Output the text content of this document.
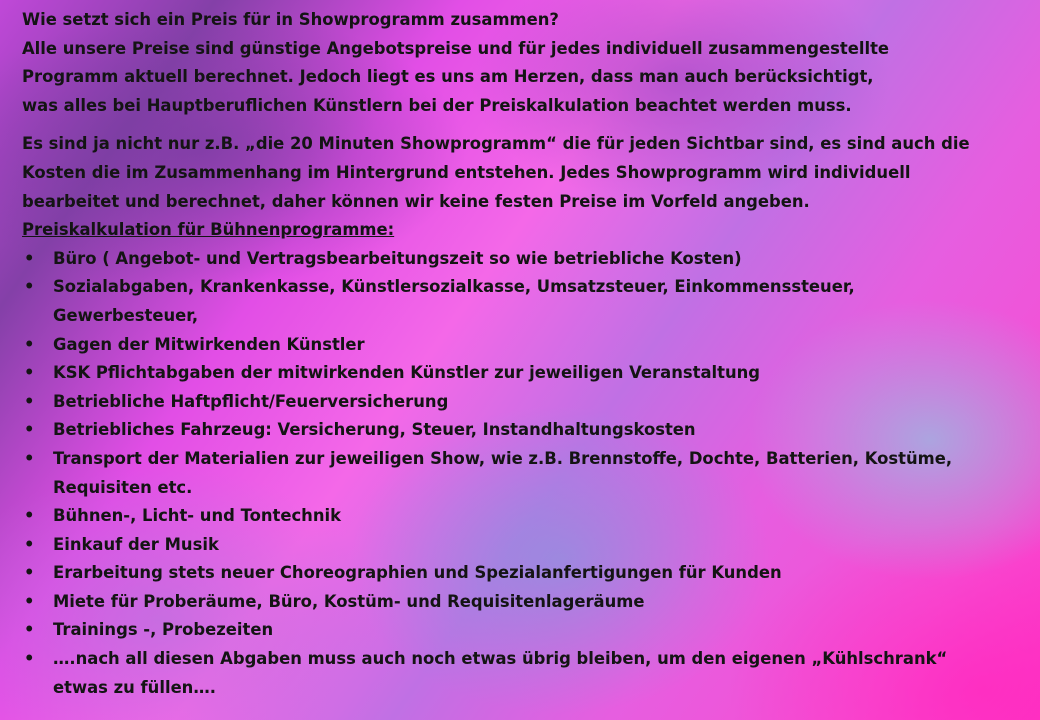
Wie setzt sich ein Preis für in Showprogramm zusammen?
Alle unsere Preise sind günstige Angebotspreise und für jedes individuell zusammengestellte
Programm aktuell berechnet. Jedoch liegt es uns am Herzen, dass man auch berücksichtigt,
was alles bei Hauptberuflichen Künstlern bei der Preiskalkulation beachtet werden muss.

Es sind ja nicht nur z.B. „die 20 Minuten Showprogramm“ die für jeden Sichtbar sind, es sind auch die
Kosten die im Zusammenhang im Hintergrund entstehen. Jedes Showprogramm wird individuell
bearbeitet und berechnet, daher können wir keine festen Preise im Vorfeld angeben.

Preiskalkulation für Bühnenprogramme:

• Büro ( Angebot- und Vertragsbearbeitungszeit so wie betriebliche Kosten)
• Sozialabgaben, Krankenkasse, Künstlersozialkasse, Umsatzsteuer, Einkommenssteuer,
Gewerbesteuer,
• Gagen der Mitwirkenden Künstler
• KSK Pflichtabgaben der mitwirkenden Künstler zur jeweiligen Veranstaltung
• Betriebliche Haftpflicht/Feuerversicherung
• Betriebliches Fahrzeug: Versicherung, Steuer, Instandhaltungskosten
• Transport der Materialien zur jeweiligen Show, wie z.B. Brennstoffe, Dochte, Batterien, Kostüme,
Requisiten etc.
• Bühnen-, Licht- und Tontechnik
• Einkauf der Musik
• Erarbeitung stets neuer Choreographien und Spezialanfertigungen für Kunden
• Miete für Proberäume, Büro, Kostüm- und Requisitenlageräume
• Trainings -, Probezeiten
• ….nach all diesen Abgaben muss auch noch etwas übrig bleiben, um den eigenen „Kühlschrank“
etwas zu füllen….
